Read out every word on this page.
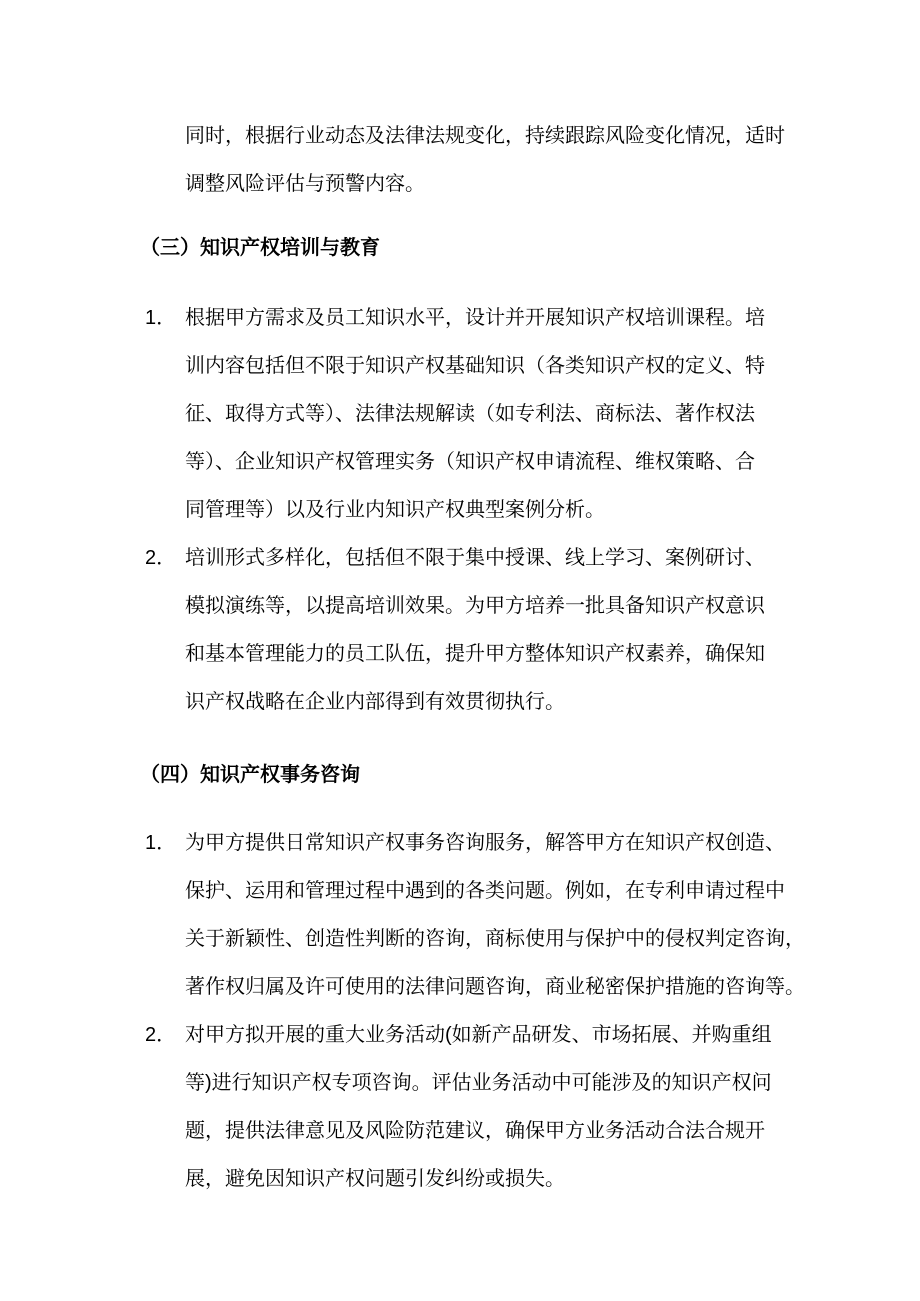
同时，根据行业动态及法律法规变化，持续跟踪风险变化情况，适时
调整风险评估与预警内容。
（三）知识产权培训与教育
1． 根据甲方需求及员工知识水平，设计并开展知识产权培训课程。培
训内容包括但不限于知识产权基础知识（各类知识产权的定义、特
征、取得方式等）、法律法规解读（如专利法、商标法、著作权法
等）、企业知识产权管理实务（知识产权申请流程、维权策略、合
同管理等）以及行业内知识产权典型案例分析。
2． 培训形式多样化，包括但不限于集中授课、线上学习、案例研讨、
模拟演练等，以提高培训效果。为甲方培养一批具备知识产权意识
和基本管理能力的员工队伍，提升甲方整体知识产权素养，确保知
识产权战略在企业内部得到有效贯彻执行。
（四）知识产权事务咨询
1． 为甲方提供日常知识产权事务咨询服务，解答甲方在知识产权创造、
保护、运用和管理过程中遇到的各类问题。例如，在专利申请过程中
关于新颖性、创造性判断的咨询，商标使用与保护中的侵权判定咨询，
著作权归属及许可使用的法律问题咨询，商业秘密保护措施的咨询等。
2． 对甲方拟开展的重大业务活动(如新产品研发、市场拓展、并购重组
等)进行知识产权专项咨询。评估业务活动中可能涉及的知识产权问
题，提供法律意见及风险防范建议，确保甲方业务活动合法合规开
展，避免因知识产权问题引发纠纷或损失。
